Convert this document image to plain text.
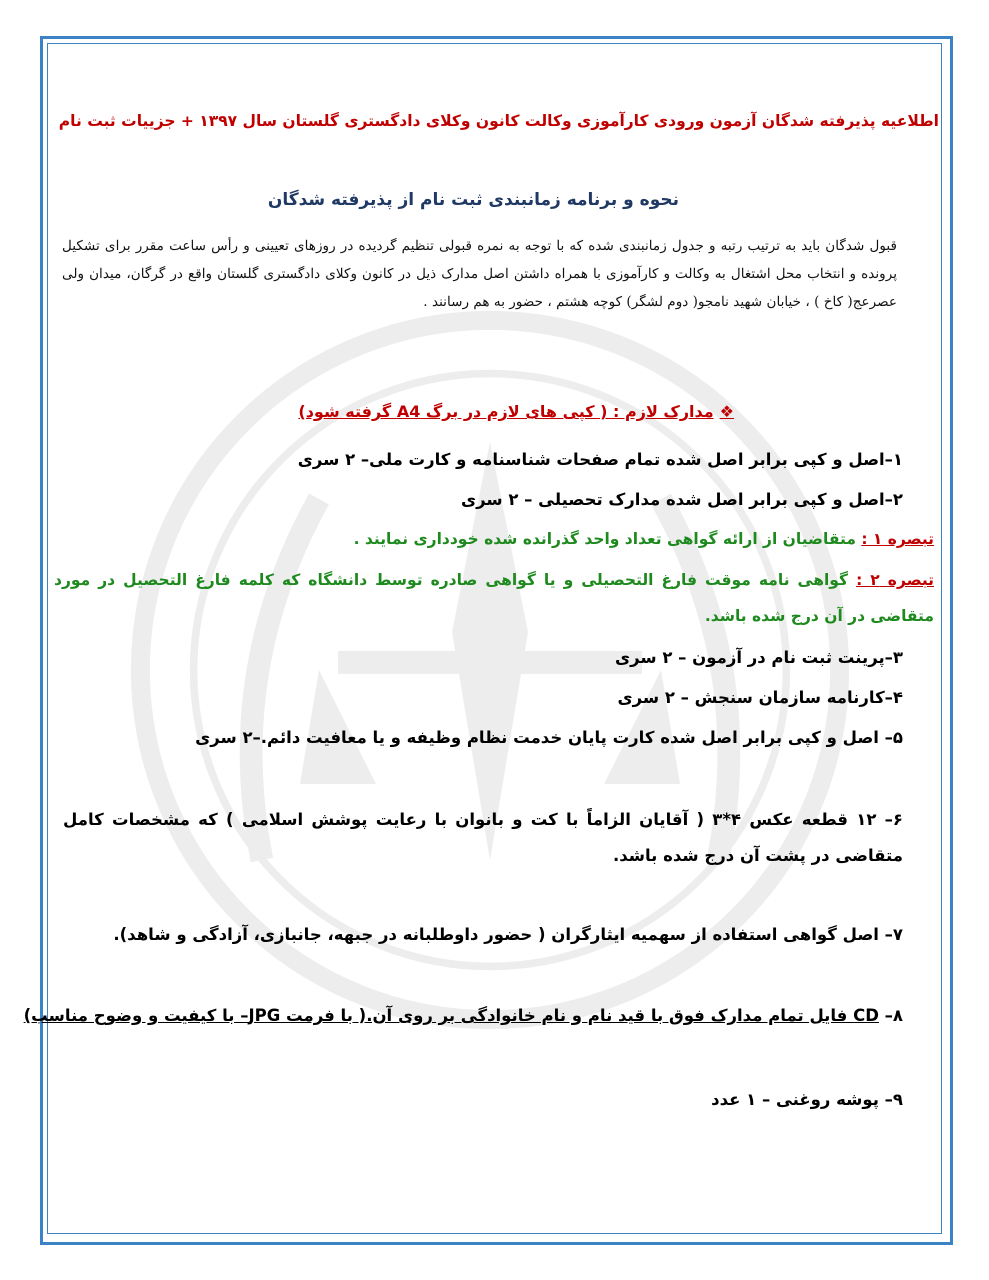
اطلاعیه پذیرفته شدگان آزمون ورودی کارآموزی وکالت کانون وکلای دادگستری گلستان سال ۱۳۹۷ + جزییات ثبت نام
نحوه و برنامه زمانبندی ثبت نام از پذیرفته شدگان
قبول شدگان باید به ترتیب رتبه و جدول زمانبندی شده که با توجه به نمره قبولی تنظیم گردیده در روزهای تعیینی و رأس ساعت مقرر برای تشکیل پرونده و انتخاب محل اشتغال به وکالت و کارآموزی با همراه داشتن اصل مدارک ذیل در کانون وکلای دادگستری گلستان واقع در گرگان، میدان ولی عصرعج( کاخ ) ، خیابان شهید نامجو( دوم لشگر) کوچه هشتم ، حضور به هم رسانند .
❖مدارک لازم : ( کپی های لازم در برگ A4 گرفته شود)
۱–اصل و کپی برابر اصل شده تمام صفحات شناسنامه و کارت ملی– ۲ سری
۲–اصل و کپی برابر اصل شده مدارک تحصیلی – ۲ سری
تبصره ۱ : متقاضیان از ارائه گواهی تعداد واحد گذرانده شده خودداری نمایند .
تبصره ۲ : گواهی نامه موقت فارغ التحصیلی و یا گواهی صادره توسط دانشگاه که کلمه فارغ التحصیل در مورد متقاضی در آن درج شده باشد.
۳–پرینت ثبت نام در آزمون – ۲ سری
۴–کارنامه سازمان سنجش – ۲ سری
۵– اصل و کپی برابر اصل شده کارت پایان خدمت نظام وظیفه و یا معافیت دائم.–۲ سری
۶– ۱۲ قطعه عکس ۴*۳ ( آقایان الزاماً با کت و بانوان با رعایت پوشش اسلامی ) که مشخصات کامل متقاضی در پشت آن درج شده باشد.
۷– اصل گواهی استفاده از سهمیه ایثارگران ( حضور داوطلبانه در جبهه، جانبازی، آزادگی و شاهد).
۸– CD فایل تمام مدارک فوق با قید نام و نام خانوادگی بر روی آن.( با فرمت JPG– با کیفیت و وضوح مناسب)
۹– پوشه روغنی – ۱ عدد
